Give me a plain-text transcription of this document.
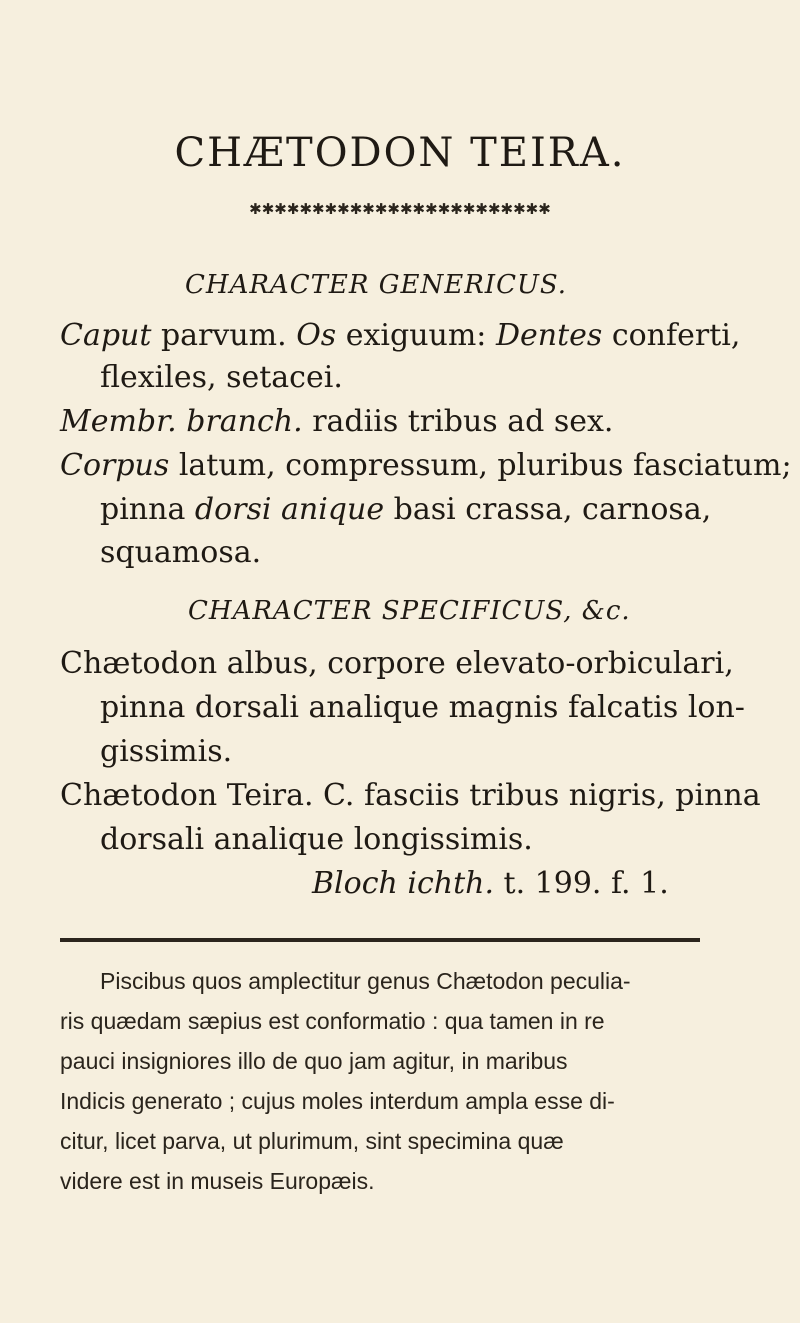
CHÆTODON TEIRA.
✱✱✱✱✱✱✱✱✱✱✱✱✱✱✱✱✱✱✱✱✱✱✱✱
CHARACTER GENERICUS.
Caput parvum. Os exiguum: Dentes conferti,
flexiles, setacei.
Membr. branch. radiis tribus ad sex.
Corpus latum, compressum, pluribus fasciatum;
pinna dorsi anique basi crassa, carnosa,
squamosa.
CHARACTER SPECIFICUS, &c.
Chætodon albus, corpore elevato-orbiculari,
pinna dorsali analique magnis falcatis lon-
gissimis.
Chætodon Teira. C. fasciis tribus nigris, pinna
dorsali analique longissimis.
Bloch ichth. t. 199. f. 1.
Piscibus quos amplectitur genus Chætodon peculia-
ris quædam sæpius est conformatio : qua tamen in re
pauci insigniores illo de quo jam agitur, in maribus
Indicis generato ; cujus moles interdum ampla esse di-
citur, licet parva, ut plurimum, sint specimina quæ
videre est in museis Europæis.
